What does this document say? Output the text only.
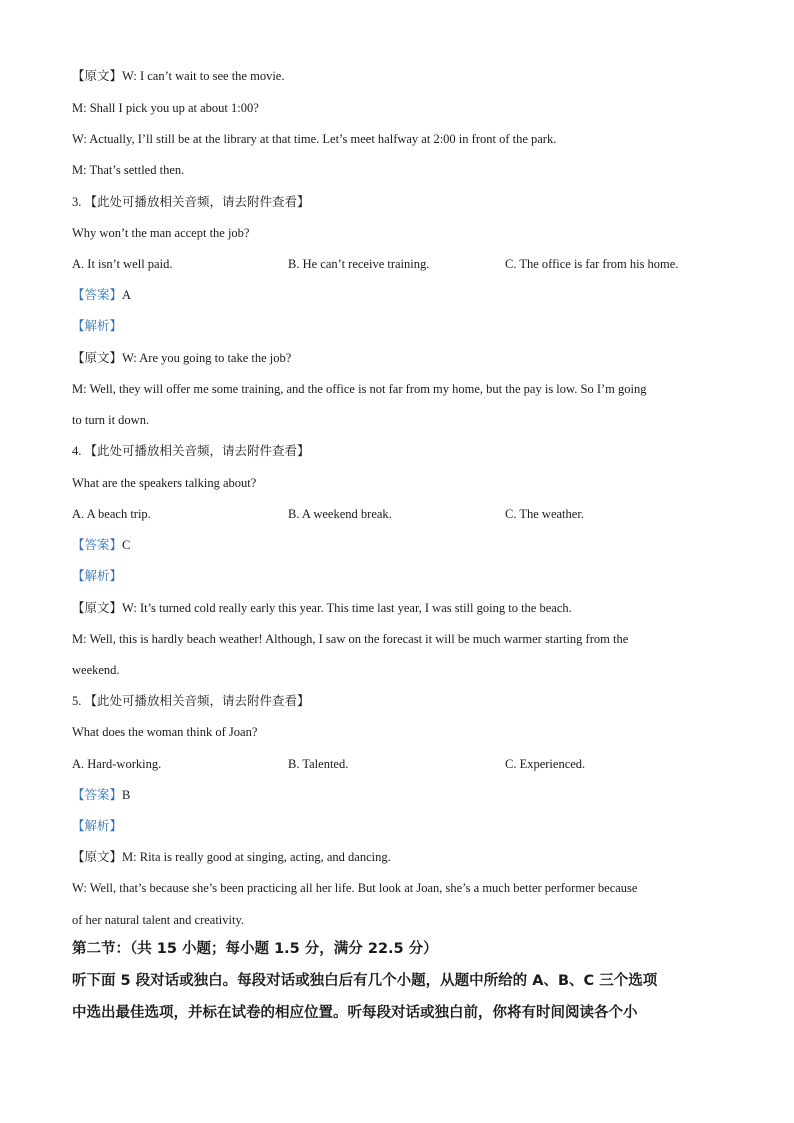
【原文】W: I can’t wait to see the movie.
M: Shall I pick you up at about 1:00?
W: Actually, I’ll still be at the library at that time. Let’s meet halfway at 2:00 in front of the park.
M: That’s settled then.
3. 【此处可播放相关音频，请去附件查看】
Why won’t the man accept the job?
A. It isn’t well paid.	B. He can’t receive training.	C. The office is far from his home.
【答案】A
【解析】
【原文】W: Are you going to take the job?
M: Well, they will offer me some training, and the office is not far from my home, but the pay is low. So I’m going
to turn it down.
4. 【此处可播放相关音频，请去附件查看】
What are the speakers talking about?
A. A beach trip.	B. A weekend break.	C. The weather.
【答案】C
【解析】
【原文】W: It’s turned cold really early this year. This time last year, I was still going to the beach.
M: Well, this is hardly beach weather! Although, I saw on the forecast it will be much warmer starting from the
weekend.
5. 【此处可播放相关音频，请去附件查看】
What does the woman think of Joan?
A. Hard-working.	B. Talented.	C. Experienced.
【答案】B
【解析】
【原文】M: Rita is really good at singing, acting, and dancing.
W: Well, that’s because she’s been practicing all her life. But look at Joan, she’s a much better performer because
of her natural talent and creativity.
第二节：（共 15 小题；每小题 1.5 分，满分 22.5 分）
听下面 5 段对话或独白。每段对话或独白后有几个小题，从题中所给的 A、B、C 三个选项
中选出最佳选项，并标在试卷的相应位置。听每段对话或独白前，你将有时间阅读各个小
